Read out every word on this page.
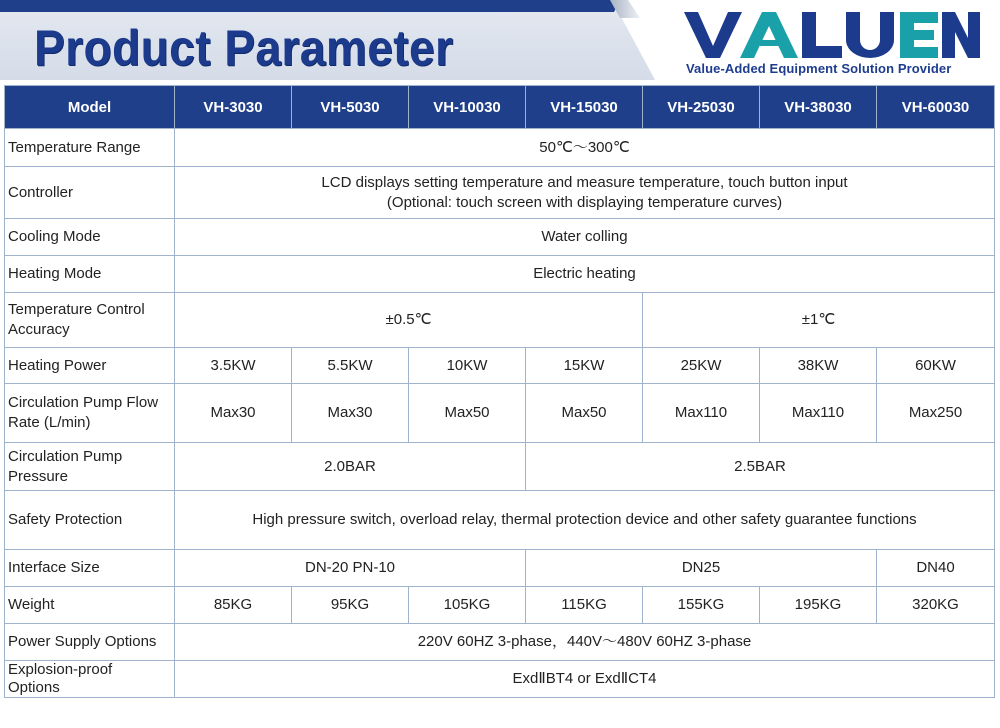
Product Parameter	Value-Added Equipment Solution Provider
Model	VH-3030	VH-5030	VH-10030	VH-15030	VH-25030	VH-38030	VH-60030
Temperature Range	50℃～300℃						
Controller	LCD displays setting temperature and measure temperature, touch button input
(Optional: touch screen with displaying temperature curves)						
Cooling Mode	Water colling						
Heating Mode	Electric heating						
Temperature Control
Accuracy	±0.5℃				±1℃		
Heating Power	3.5KW	5.5KW	10KW	15KW	25KW	38KW	60KW
Circulation Pump Flow
Rate (L/min)	Max30	Max30	Max50	Max50	Max110	Max110	Max250
Circulation Pump
Pressure	2.0BAR			2.5BAR			
Safety Protection	High pressure switch, overload relay, thermal protection device and other safety guarantee functions						
Interface Size	DN-20 PN-10			DN25			DN40
Weight	85KG	95KG	105KG	115KG	155KG	195KG	320KG
Power Supply Options	220V 60HZ 3-phase，440V～480V 60HZ 3-phase						
Explosion-proof
Options	ExdⅡBT4 or ExdⅡCT4						
